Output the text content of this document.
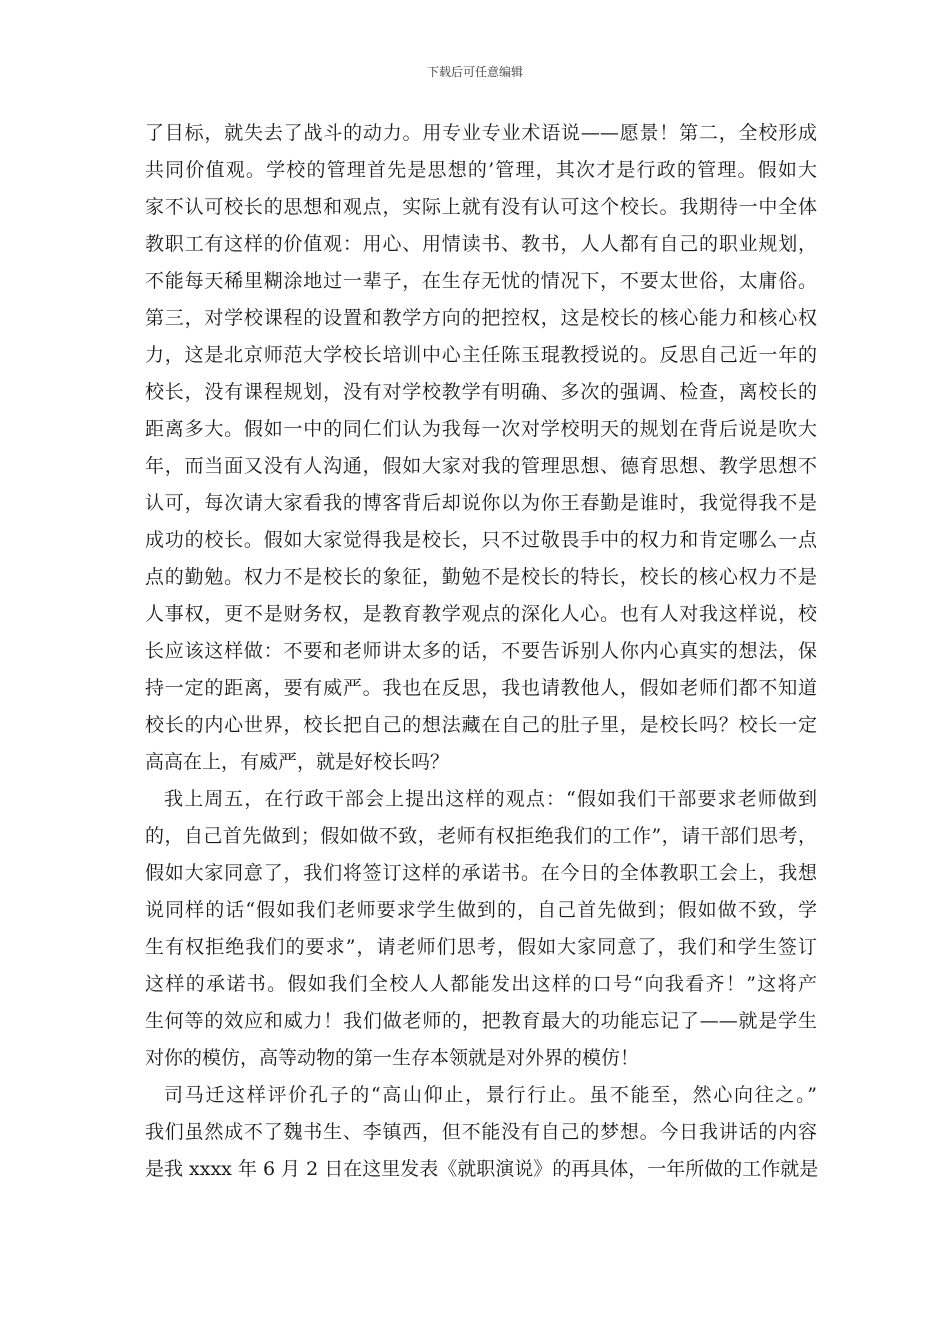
下载后可任意编辑
了目标，就失去了战斗的动力。用专业专业术语说——愿景！第二，全校形成
共同价值观。学校的管理首先是思想的’管理，其次才是行政的管理。假如大
家不认可校长的思想和观点，实际上就有没有认可这个校长。我期待一中全体
教职工有这样的价值观：用心、用情读书、教书，人人都有自己的职业规划，
不能每天稀里糊涂地过一辈子，在生存无忧的情况下，不要太世俗，太庸俗。
第三，对学校课程的设置和教学方向的把控权，这是校长的核心能力和核心权
力，这是北京师范大学校长培训中心主任陈玉琨教授说的。反思自己近一年的
校长，没有课程规划，没有对学校教学有明确、多次的强调、检查，离校长的
距离多大。假如一中的同仁们认为我每一次对学校明天的规划在背后说是吹大
年，而当面又没有人沟通，假如大家对我的管理思想、德育思想、教学思想不
认可，每次请大家看我的博客背后却说你以为你王春勤是谁时，我觉得我不是
成功的校长。假如大家觉得我是校长，只不过敬畏手中的权力和肯定哪么一点
点的勤勉。权力不是校长的象征，勤勉不是校长的特长，校长的核心权力不是
人事权，更不是财务权，是教育教学观点的深化人心。也有人对我这样说，校
长应该这样做：不要和老师讲太多的话，不要告诉别人你内心真实的想法，保
持一定的距离，要有威严。我也在反思，我也请教他人，假如老师们都不知道
校长的内心世界，校长把自己的想法藏在自己的肚子里，是校长吗？校长一定
高高在上，有威严，就是好校长吗？
我上周五，在行政干部会上提出这样的观点：“假如我们干部要求老师做到
的，自己首先做到；假如做不致，老师有权拒绝我们的工作”，请干部们思考，
假如大家同意了，我们将签订这样的承诺书。在今日的全体教职工会上，我想
说同样的话“假如我们老师要求学生做到的，自己首先做到；假如做不致，学
生有权拒绝我们的要求”，请老师们思考，假如大家同意了，我们和学生签订
这样的承诺书。假如我们全校人人都能发出这样的口号“向我看齐！”这将产
生何等的效应和威力！我们做老师的，把教育最大的功能忘记了——就是学生
对你的模仿，高等动物的第一生存本领就是对外界的模仿！
司马迁这样评价孔子的“高山仰止，景行行止。虽不能至，然心向往之。”
我们虽然成不了魏书生、李镇西，但不能没有自己的梦想。今日我讲话的内容
是我 xxxx 年 6 月 2 日在这里发表《就职演说》的再具体，一年所做的工作就是
